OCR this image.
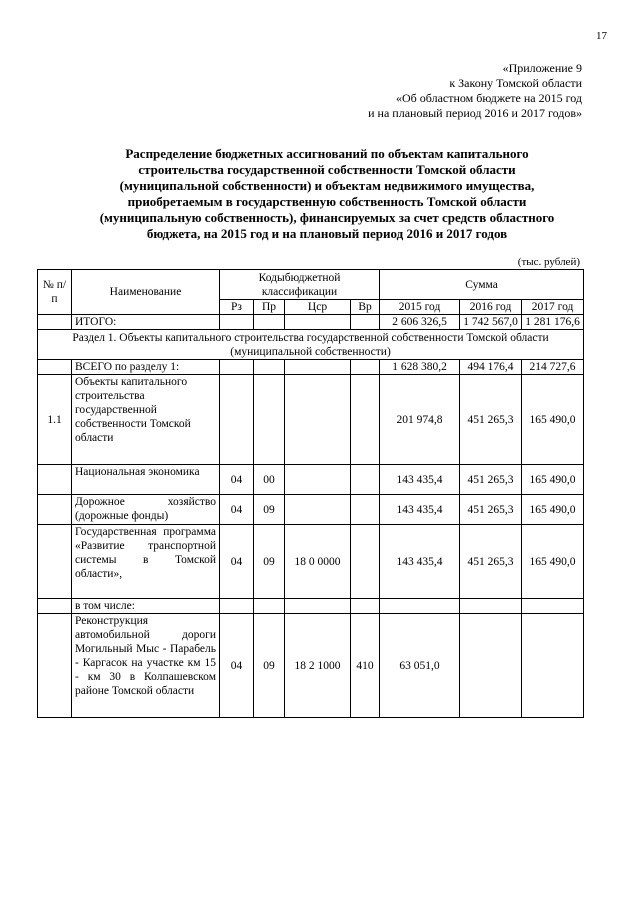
17
«Приложение 9
к Закону Томской области
«Об областном бюджете на 2015 год
и на плановый период 2016 и 2017 годов»
Распределение бюджетных ассигнований по объектам капитального
строительства государственной собственности Томской области
(муниципальной собственности) и объектам недвижимого имущества,
приобретаемым в государственную собственность Томской области
(муниципальную собственность), финансируемых за счет средств областного
бюджета, на 2015 год и на плановый период 2016 и 2017 годов
(тыс. рублей)
№ п/п	Наименование	Кодыбюджетной классификации				Сумма		
		Рз	Пр	Цср	Вр	2015 год	2016 год	2017 год
	ИТОГО:					2 606 326,5	1 742 567,0	1 281 176,6
Раздел 1. Объекты капитального строительства государственной собственности Томской области (муниципальной собственности)								
	ВСЕГО по разделу 1:					1 628 380,2	494 176,4	214 727,6
1.1	Объекты капитального строительства государственной собственности Томской области					201 974,8	451 265,3	165 490,0
	Национальная экономика	04	00			143 435,4	451 265,3	165 490,0
	Дорожное хозяйство (дорожные фонды)	04	09			143 435,4	451 265,3	165 490,0
	Государственная программа «Развитие транспортной системы в Томской области»,	04	09	18 0 0000		143 435,4	451 265,3	165 490,0
	в том числе:							
	Реконструкция автомобильной дороги Могильный Мыс - Парабель - Каргасок на участке км 15 - км 30 в Колпашевском районе Томской области	04	09	18 2 1000	410	63 051,0		
